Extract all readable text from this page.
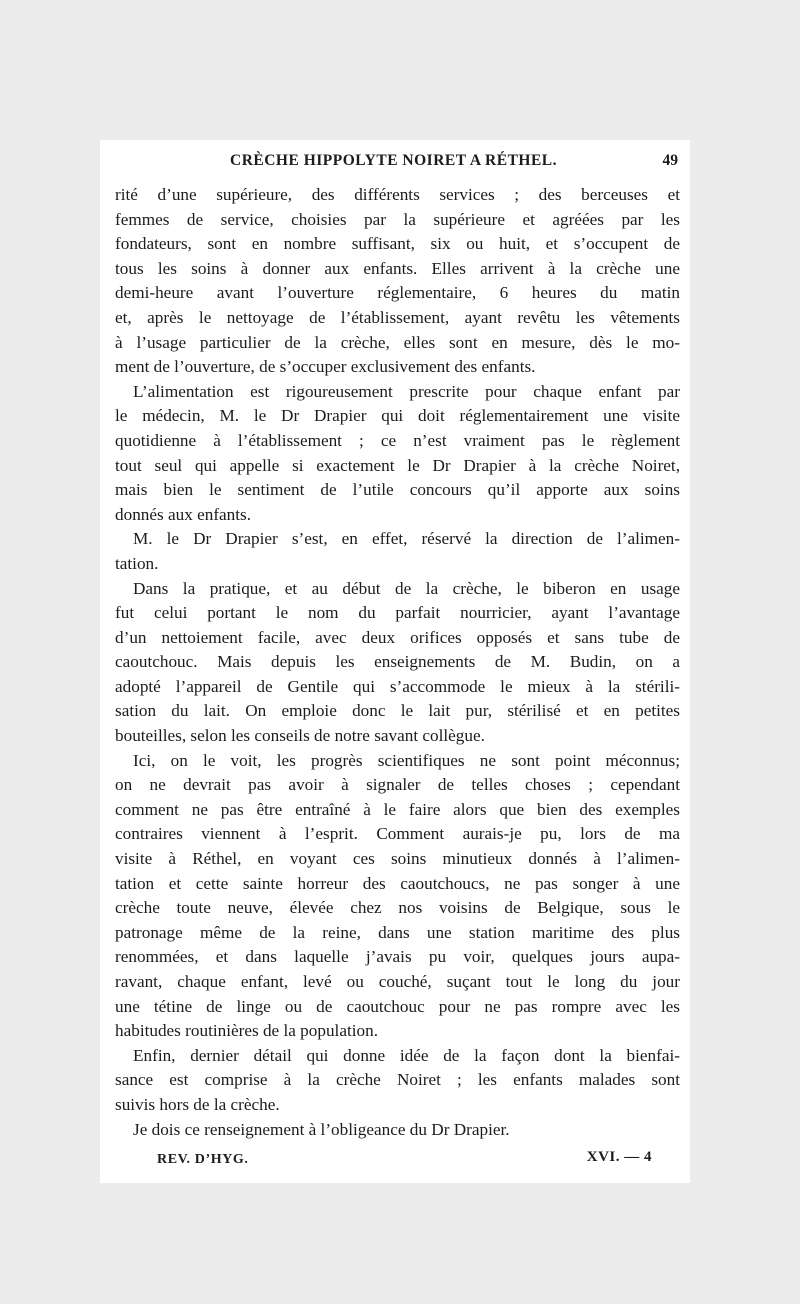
CRÈCHE HIPPOLYTE NOIRET A RÉTHEL.	49
rité d’une supérieure, des différents services ; des berceuses et
femmes de service, choisies par la supérieure et agréées par les
fondateurs, sont en nombre suffisant, six ou huit, et s’occupent de
tous les soins à donner aux enfants. Elles arrivent à la crèche une
demi-heure avant l’ouverture réglementaire, 6 heures du matin
et, après le nettoyage de l’établissement, ayant revêtu les vêtements
à l’usage particulier de la crèche, elles sont en mesure, dès le mo-
ment de l’ouverture, de s’occuper exclusivement des enfants.
L’alimentation est rigoureusement prescrite pour chaque enfant par
le médecin, M. le Dr Drapier qui doit réglementairement une visite
quotidienne à l’établissement ; ce n’est vraiment pas le règlement
tout seul qui appelle si exactement le Dr Drapier à la crèche Noiret,
mais bien le sentiment de l’utile concours qu’il apporte aux soins
donnés aux enfants.
M. le Dr Drapier s’est, en effet, réservé la direction de l’alimen-
tation.
Dans la pratique, et au début de la crèche, le biberon en usage
fut celui portant le nom du parfait nourricier, ayant l’avantage
d’un nettoiement facile, avec deux orifices opposés et sans tube de
caoutchouc. Mais depuis les enseignements de M. Budin, on a
adopté l’appareil de Gentile qui s’accommode le mieux à la stérili-
sation du lait. On emploie donc le lait pur, stérilisé et en petites
bouteilles, selon les conseils de notre savant collègue.
Ici, on le voit, les progrès scientifiques ne sont point méconnus;
on ne devrait pas avoir à signaler de telles choses ; cependant
comment ne pas être entraîné à le faire alors que bien des exemples
contraires viennent à l’esprit. Comment aurais-je pu, lors de ma
visite à Réthel, en voyant ces soins minutieux donnés à l’alimen-
tation et cette sainte horreur des caoutchoucs, ne pas songer à une
crèche toute neuve, élevée chez nos voisins de Belgique, sous le
patronage même de la reine, dans une station maritime des plus
renommées, et dans laquelle j’avais pu voir, quelques jours aupa-
ravant, chaque enfant, levé ou couché, suçant tout le long du jour
une tétine de linge ou de caoutchouc pour ne pas rompre avec les
habitudes routinières de la population.
Enfin, dernier détail qui donne idée de la façon dont la bienfai-
sance est comprise à la crèche Noiret ; les enfants malades sont
suivis hors de la crèche.
Je dois ce renseignement à l’obligeance du Dr Drapier.
REV. D’HYG.	XVI. — 4
